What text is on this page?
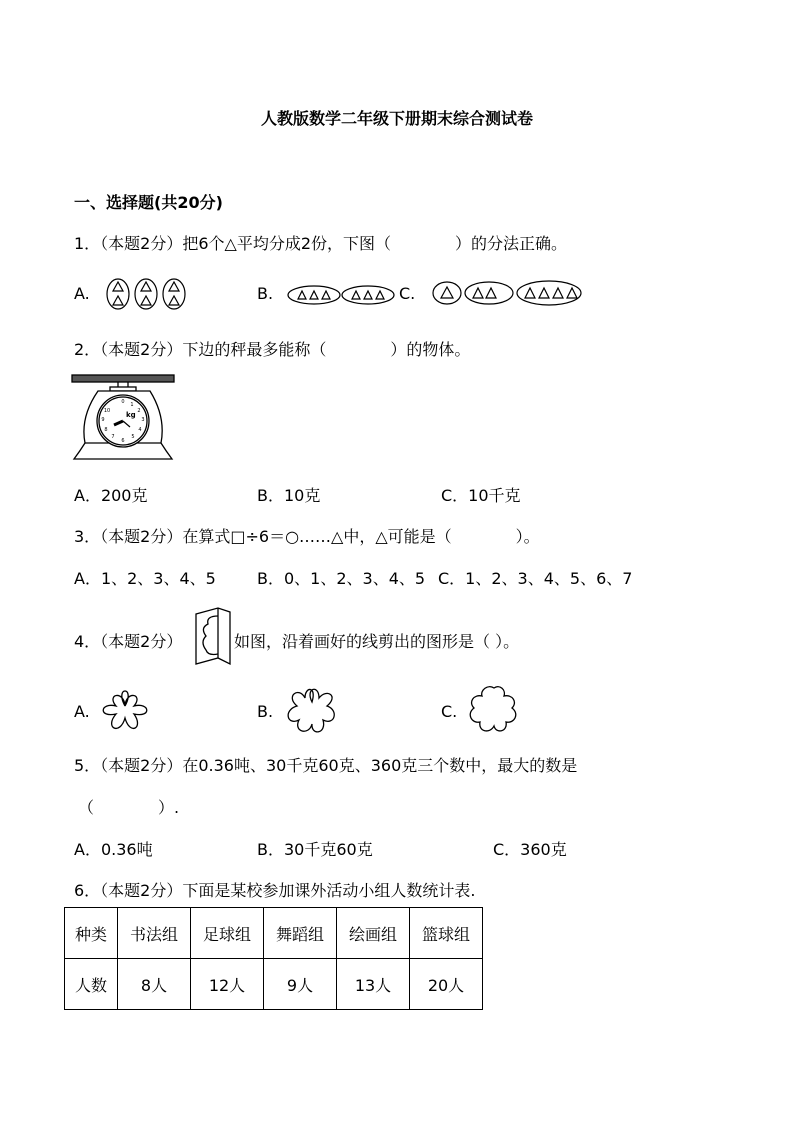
人教版数学二年级下册期末综合测试卷
一、选择题(共20分)
1．（本题2分）把6个△平均分成2份，下图（　　　　）的分法正确。
A.	B.	C.
2．（本题2分）下边的秤最多能称（　　　　）的物体。
0 1
2
3
4
5
6
7
8
9
10 kg
A．200克	B．10克	C．10千克
3．（本题2分）在算式□÷6＝○……△中，△可能是（　　　　）。
A．1、2、3、4、5	B．0、1、2、3、4、5 C．1、2、3、4、5、6、7
4．（本题2分）	如图，沿着画好的线剪出的图形是（ ）。
A.	B.	C.
5．（本题2分）在0.36吨、30千克60克、360克三个数中，最大的数是
（　　　　）.
A．0.36吨	B．30千克60克	C．360克
6．（本题2分）下面是某校参加课外活动小组人数统计表.
种类	书法组	足球组	舞蹈组	绘画组	篮球组
人数	8人	12人	9人	13人	20人
